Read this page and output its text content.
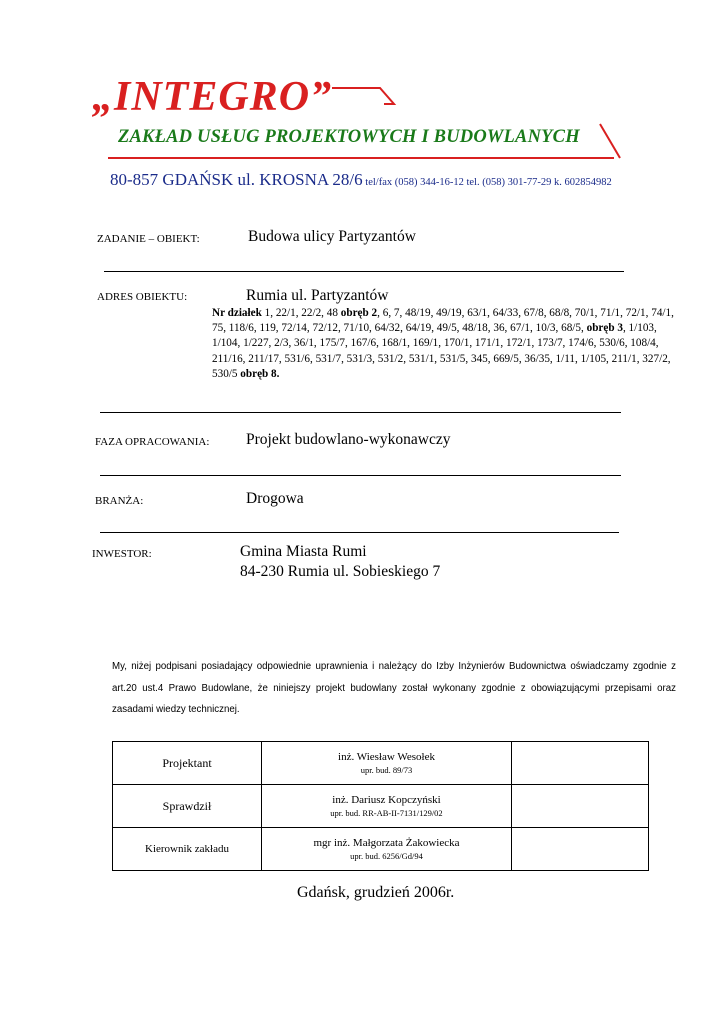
„INTEGRO”
ZAKŁAD USŁUG PROJEKTOWYCH I BUDOWLANYCH
80-857 GDAŃSK ul. KROSNA 28/6 tel/fax (058) 344-16-12 tel. (058) 301-77-29 k. 602854982
ZADANIE – OBIEKT:	Budowa ulicy Partyzantów
ADRES OBIEKTU:	Rumia ul. Partyzantów
Nr działek 1, 22/1, 22/2, 48 obręb 2, 6, 7, 48/19, 49/19, 63/1, 64/33, 67/8, 68/8, 70/1, 71/1, 72/1, 74/1, 75, 118/6, 119, 72/14, 72/12, 71/10, 64/32, 64/19, 49/5, 48/18, 36, 67/1, 10/3, 68/5, obręb 3, 1/103, 1/104, 1/227, 2/3, 36/1, 175/7, 167/6, 168/1, 169/1, 170/1, 171/1, 172/1, 173/7, 174/6, 530/6, 108/4, 211/16, 211/17, 531/6, 531/7, 531/3, 531/2, 531/1, 531/5, 345, 669/5, 36/35, 1/11, 1/105, 211/1, 327/2, 530/5 obręb 8.
FAZA OPRACOWANIA: Projekt budowlano-wykonawczy
BRANŻA:	Drogowa
INWESTOR:	Gmina Miasta Rumi
84-230 Rumia ul. Sobieskiego 7
My, niżej podpisani posiadający odpowiednie uprawnienia i należący do Izby Inżynierów Budownictwa oświadczamy zgodnie z art.20 ust.4 Prawo Budowlane, że niniejszy projekt budowlany został wykonany zgodnie z obowiązującymi przepisami oraz zasadami wiedzy technicznej.
Projektant	inż. Wiesław Wesołek
upr. bud. 89/73	

Sprawdził	inż. Dariusz Kopczyński
upr. bud. RR-AB-II-7131/129/02	

Kierownik zakładu	mgr inż. Małgorzata Żakowiecka
upr. bud. 6256/Gd/94	

Gdańsk, grudzień 2006r.
